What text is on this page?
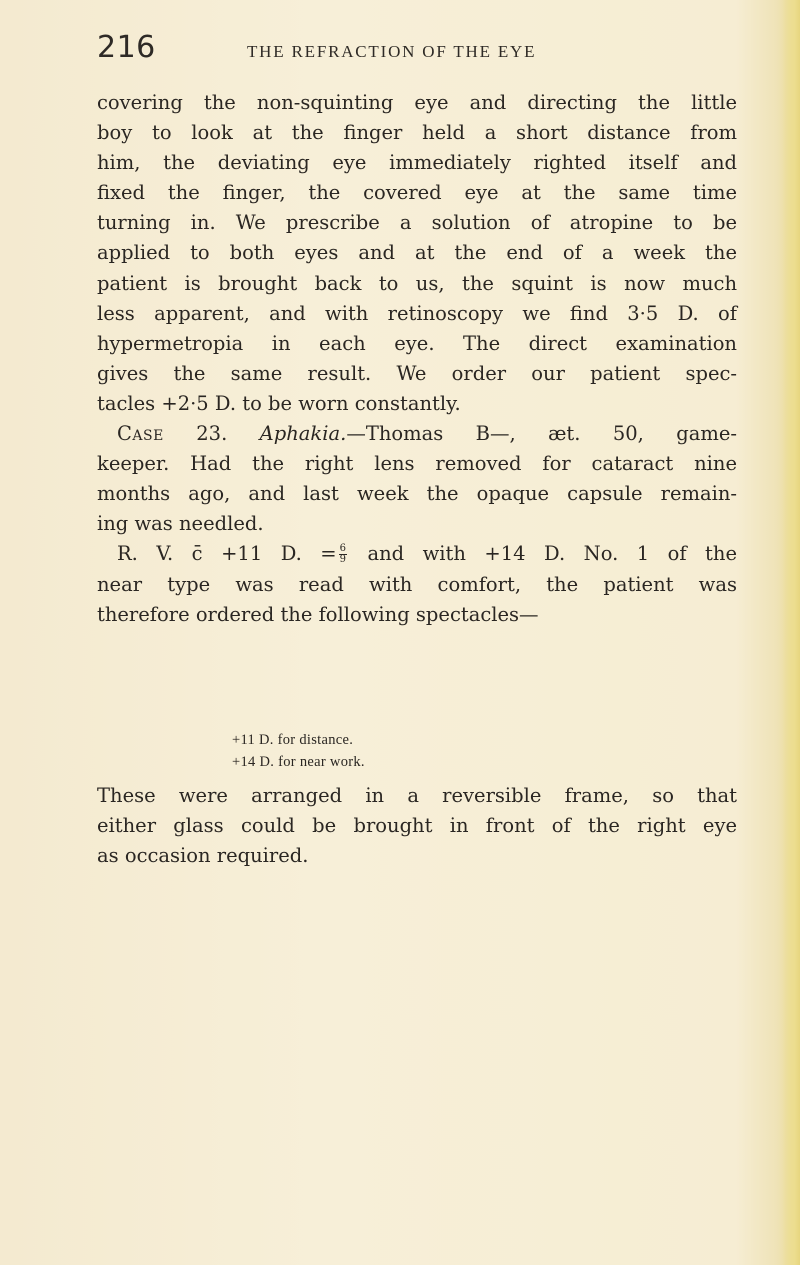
216	THE REFRACTION OF THE EYE
covering the non-squinting eye and directing the little
boy to look at the finger held a short distance from
him, the deviating eye immediately righted itself and
fixed the finger, the covered eye at the same time
turning in. We prescribe a solution of atropine to be
applied to both eyes and at the end of a week the
patient is brought back to us, the squint is now much
less apparent, and with retinoscopy we find 3·5 D. of
hypermetropia in each eye. The direct examination
gives the same result. We order our patient spec-
tacles +2·5 D. to be worn constantly.
Case 23. Aphakia.—Thomas B—, æt. 50, game-
keeper. Had the right lens removed for cataract nine
months ago, and last week the opaque capsule remain-
ing was needled.
R. V. c̄ +11 D. = $\frac{6}{9}$ and with +14 D. No. 1 of the
near type was read with comfort, the patient was
therefore ordered the following spectacles—
+11 D. for distance.
+14 D. for near work.
These were arranged in a reversible frame, so that
either glass could be brought in front of the right eye
as occasion required.
